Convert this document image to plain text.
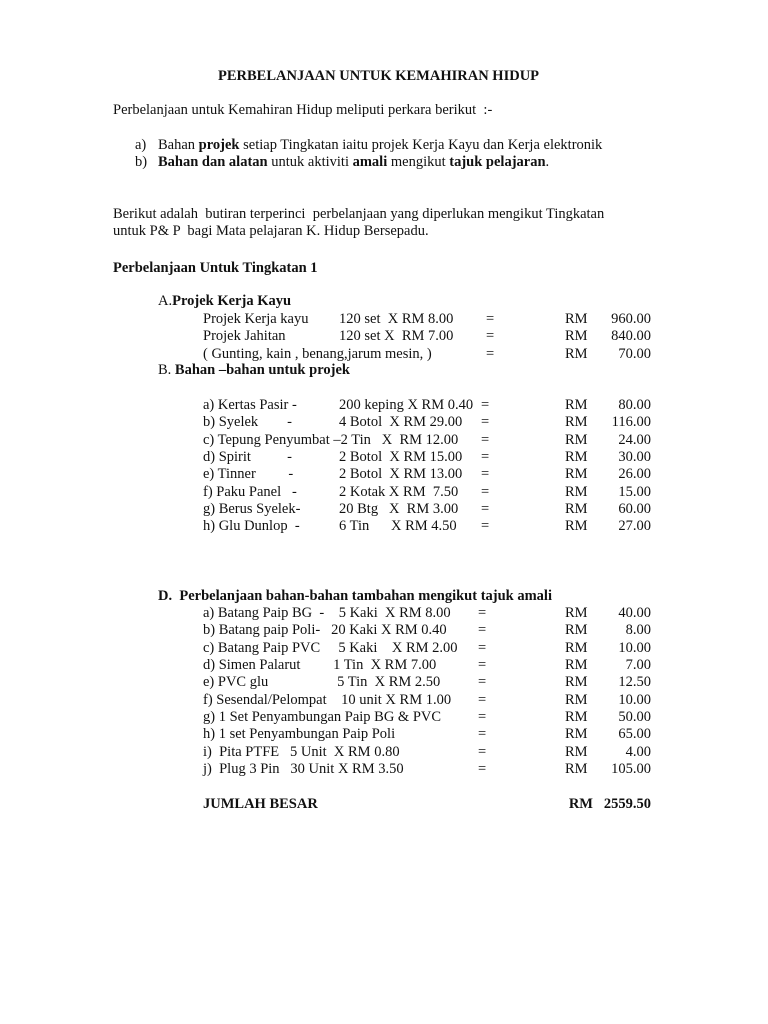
PERBELANJAAN UNTUK KEMAHIRAN HIDUP
Perbelanjaan untuk Kemahiran Hidup meliputi perkara berikut  :-
a) Bahan projek setiap Tingkatan iaitu projek Kerja Kayu dan Kerja elektronik
b) Bahan dan alatan untuk aktiviti amali mengikut tajuk pelajaran.
Berikut adalah  butiran terperinci  perbelanjaan yang diperlukan mengikut Tingkatan
untuk P& P  bagi Mata pelajaran K. Hidup Bersepadu.
Perbelanjaan Untuk Tingkatan 1
A.Projek Kerja Kayu
Projek Kerja kayu 120 set  X RM 8.00 =	RM	960.00
Projek Jahitan	120 set X  RM 7.00 =	RM	840.00
( Gunting, kain , benang,jarum mesin, )	=	RM	70.00
B. Bahan –bahan untuk projek
a) Kertas Pasir -	200 keping X RM 0.40 =	RM	80.00
b) Syelek        -	4 Botol  X RM 29.00 =	RM	116.00
c) Tepung Penyumbat –2 Tin   X  RM 12.00 =	RM	24.00
d) Spirit          -	2 Botol  X RM 15.00 =	RM	30.00
e) Tinner         -	2 Botol  X RM 13.00 =	RM	26.00
f) Paku Panel   -	2 Kotak X RM  7.50 =	RM	15.00
g) Berus Syelek-	20 Btg   X  RM 3.00 =	RM	60.00
h) Glu Dunlop  -	6 Tin      X RM 4.50 =	RM	27.00
D.  Perbelanjaan bahan-bahan tambahan mengikut tajuk amali
a) Batang Paip BG  -    5 Kaki  X RM 8.00 =	RM	40.00
b) Batang paip Poli-   20 Kaki X RM 0.40 =	RM	8.00
c) Batang Paip PVC     5 Kaki    X RM 2.00 =	RM	10.00
d) Simen Palarut         1 Tin  X RM 7.00	=	RM	7.00
e) PVC glu                   5 Tin  X RM 2.50	=	RM	12.50
f) Sesendal/Pelompat    10 unit X RM 1.00 =	RM	10.00
g) 1 Set Penyambungan Paip BG & PVC	=	RM	50.00
h) 1 set Penyambungan Paip Poli	=	RM	65.00
i)  Pita PTFE   5 Unit  X RM 0.80	=	RM	4.00
j)  Plug 3 Pin   30 Unit X RM 3.50	=	RM	105.00
JUMLAH BESAR	RM   2559.50
